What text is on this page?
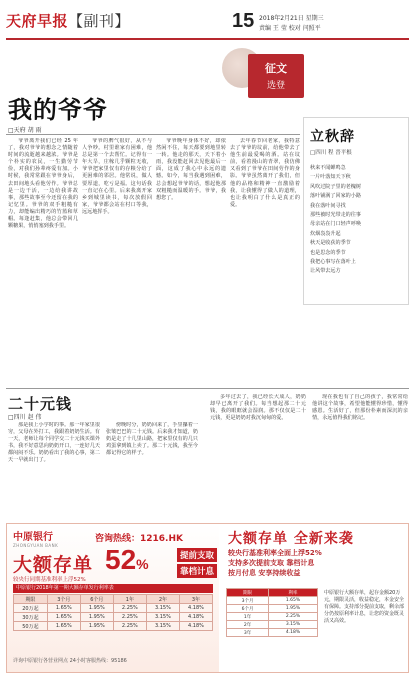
天府早报【副刊】	15 2018年2月21日 星期三
责编 王 莹 校对 闫照平
征文
选登
我的爷爷
□天府 胡 雨

爷爷离开我们已经 25 年了，我对爷爷的想念之情随着时间的流逝越来越浓。爷爷是个朴实的农民，一生勤劳节俭，对我们孙辈疼爱有加。小时候，我常常跟在爷爷身后，去田间地头看他劳作。爷爷总是一边干活，一边给我讲故事，那些故事至今还留在我的记忆里。爷爷的双手粗糙有力，却能编出精巧的竹篮和草帽。每逢赶集，他总会带回几颗糖果，悄悄塞到我手里。

爷爷的脾气很好，从不与人争吵。村里谁家有困难，他总是第一个去帮忙。记得有一年大旱，庄稼几乎颗粒无收，爷爷把家里仅有的存粮分给了更困难的邻居。他常说，做人要厚道，吃亏是福。这句话我一直记在心里。后来我离开家乡到城里读书，每次放假回家，爷爷都会站在村口等我，远远地挥手。

爷爷晚年身体不好，却依然闲不住，每天都要到地里转一转。他走的那天，天下着小雨，我没能赶回去见他最后一面，这成了我心中永远的遗憾。如今，每当我遇到困难，总会想起爷爷的话，想起他那双粗糙而温暖的手。爷爷，我想您了。

去年春节回老家，我特意去了爷爷的坟前，给他带去了他生前最爱喝的酒。站在坟前，看着漫山的青翠，我仿佛又看到了爷爷在田间劳作的身影。爷爷虽然离开了我们，但他的品格和精神一直激励着我，让我懂得了做人的道理，也让我明白了什么是真正的爱。

立秋辞
□四川 程 晋平根
秋来不闻蝉鸣急
一片叶落知天下秋
风吹过院子里的老槐树
落叶铺满了回家的小路
我在落叶间寻找
那些被时光带走的往事
母亲站在门口轻声呼唤
炊烟袅袅升起
秋天是收获的季节
也是思念的季节
我把心事写在落叶上
让风带去远方
二十元钱
□四川 赵 伟

那是我上小学时的事。那一年家里很穷，父母在外打工，我跟着奶奶生活。有一天，老师让每个同学交二十元钱买课外书，我不好意思向奶奶开口，一连好几天都闷闷不乐。奶奶看出了我的心事，第二天一早就出门了。

傍晚时分，奶奶回来了，手里攥着一张皱巴巴的二十元钱。后来我才知道，奶奶是走了十几里山路，把家里仅有的几只鸡蛋拿到镇上卖了。那二十元钱，我至今都记得它的样子。

多年过去了，我已经长大成人，奶奶却早已离开了我们。每当想起那二十元钱，我的眼眶就会湿润。那不仅仅是二十元钱，更是奶奶对我沉甸甸的爱。

现在我也有了自己的孩子，我常常给他讲这个故事，希望他能懂得珍惜，懂得感恩。生活好了，但那份朴素而深沉的亲情，永远值得我们铭记。

中原银行
ZHONGYUAN BANK
咨询热线：1216.HK
大额存单 52%	提前支取
靠档计息
较央行同期基准利率上浮52%
中原银行2018年第一期大额存单发行利率表
期限	3个月	6个月	1年	2年	3年
20万起	1.65%	1.95%	2.25%	3.15%	4.18%
30万起	1.65%	1.95%	2.25%	3.15%	4.18%
50万起	1.65%	1.95%	2.25%	3.15%	4.18%
详询中原银行各营业网点 24小时客服热线：95186
大额存单 全新来袭
较央行基准利率全面上浮52%
支持多次提前支取 靠档计息
按月付息 安享持续收益
期限	利率
3个月	1.65%
6个月	1.95%
1年	2.25%
2年	3.15%
3年	4.18%
中原银行大额存单，起存金额20万元，期限灵活，收益稳定，本金安全有保障。支持部分提前支取，剩余部分仍按原利率计息，让您的资金既灵活又高效。
